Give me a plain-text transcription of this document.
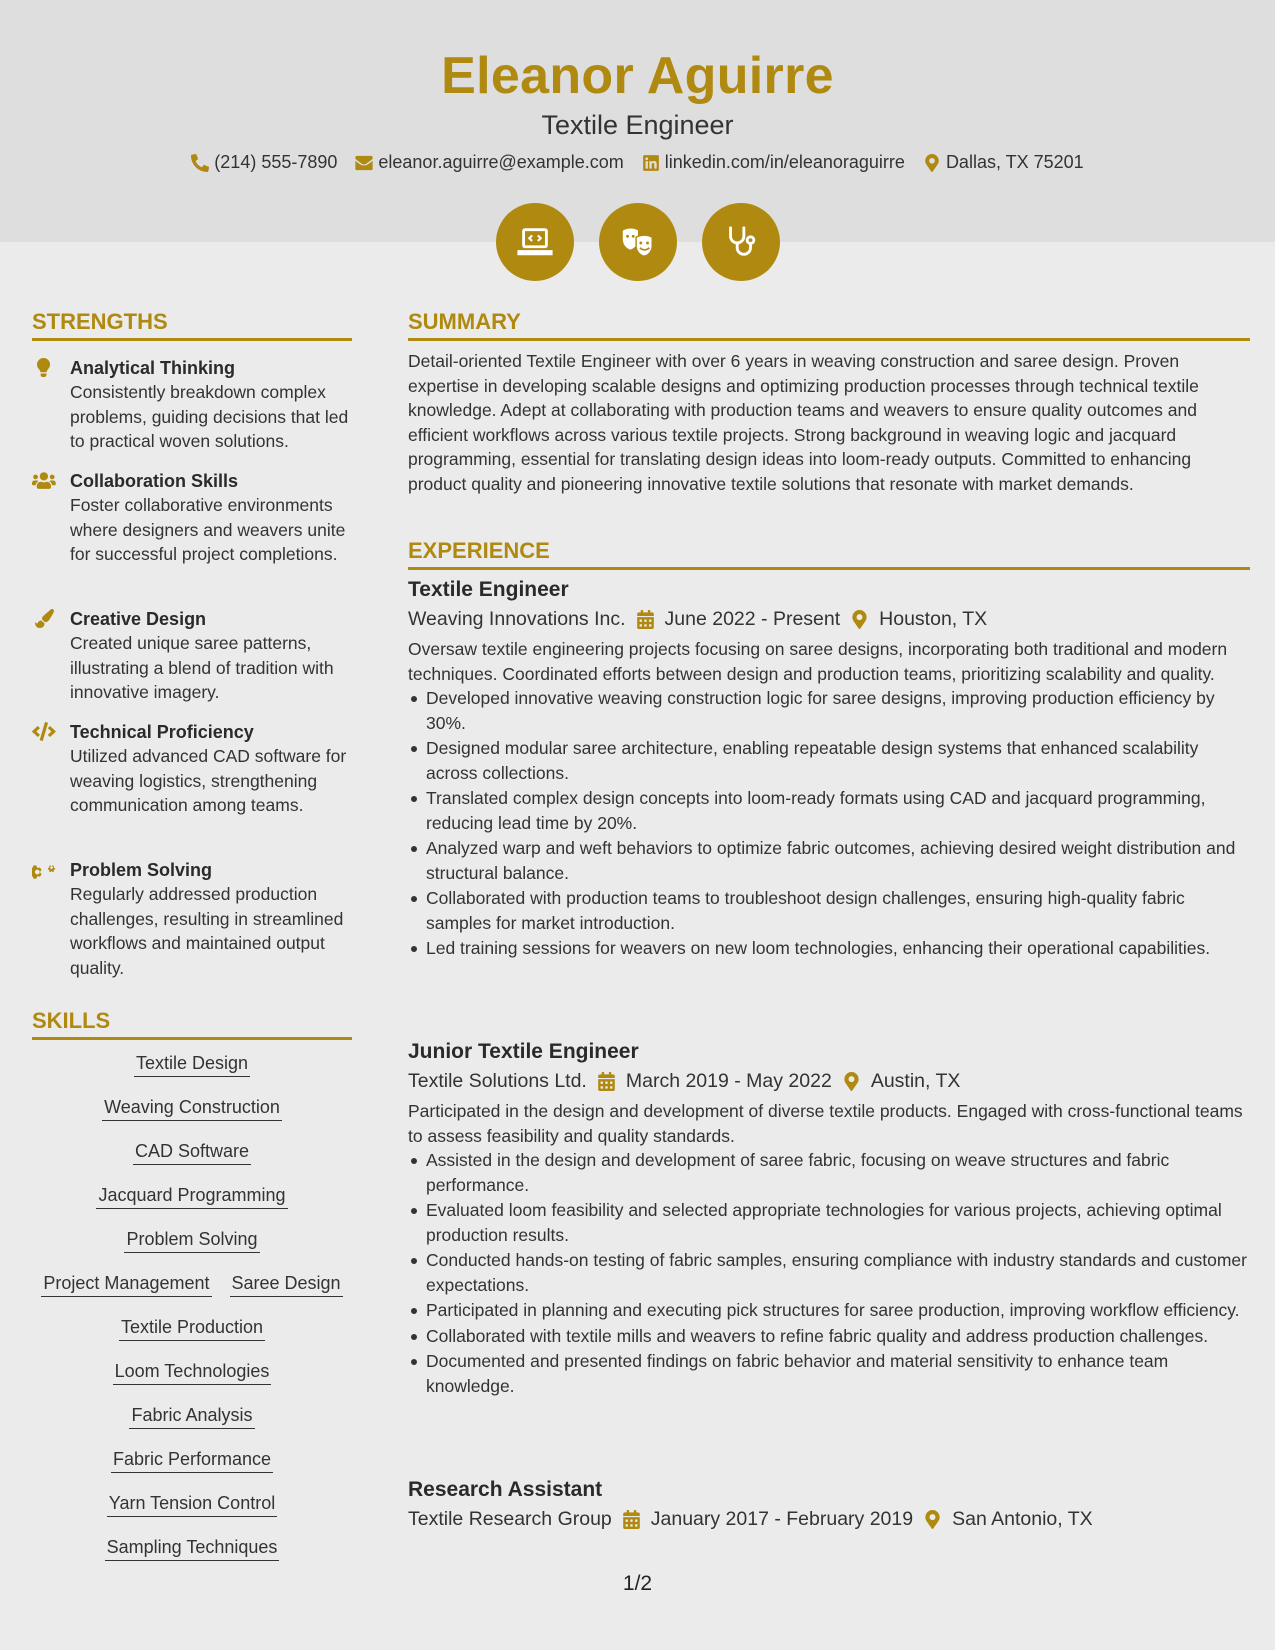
Eleanor Aguirre
Textile Engineer
(214) 555-7890 eleanor.aguirre@example.com linkedin.com/in/eleanoraguirre Dallas, TX 75201
STRENGTHS
Analytical Thinking
Consistently breakdown complex problems, guiding decisions that led to practical woven solutions.
Collaboration Skills
Foster collaborative environments where designers and weavers unite for successful project completions.
Creative Design
Created unique saree patterns, illustrating a blend of tradition with innovative imagery.
Technical Proficiency
Utilized advanced CAD software for weaving logistics, strengthening communication among teams.
Problem Solving
Regularly addressed production challenges, resulting in streamlined workflows and maintained output quality.
SKILLS
Textile Design
Weaving Construction
CAD Software
Jacquard Programming
Problem Solving
Project Management Saree Design
Textile Production
Loom Technologies
Fabric Analysis
Fabric Performance
Yarn Tension Control
Sampling Techniques
SUMMARY
Detail-oriented Textile Engineer with over 6 years in weaving construction and saree design. Proven expertise in developing scalable designs and optimizing production processes through technical textile knowledge. Adept at collaborating with production teams and weavers to ensure quality outcomes and efficient workflows across various textile projects. Strong background in weaving logic and jacquard programming, essential for translating design ideas into loom-ready outputs. Committed to enhancing product quality and pioneering innovative textile solutions that resonate with market demands.
EXPERIENCE
Textile Engineer
Weaving Innovations Inc. June 2022 - Present Houston, TX
Oversaw textile engineering projects focusing on saree designs, incorporating both traditional and modern techniques. Coordinated efforts between design and production teams, prioritizing scalability and quality.
Developed innovative weaving construction logic for saree designs, improving production efficiency by 30%.
Designed modular saree architecture, enabling repeatable design systems that enhanced scalability across collections.
Translated complex design concepts into loom-ready formats using CAD and jacquard programming, reducing lead time by 20%.
Analyzed warp and weft behaviors to optimize fabric outcomes, achieving desired weight distribution and structural balance.
Collaborated with production teams to troubleshoot design challenges, ensuring high-quality fabric samples for market introduction.
Led training sessions for weavers on new loom technologies, enhancing their operational capabilities.
Junior Textile Engineer
Textile Solutions Ltd. March 2019 - May 2022 Austin, TX
Participated in the design and development of diverse textile products. Engaged with cross-functional teams to assess feasibility and quality standards.
Assisted in the design and development of saree fabric, focusing on weave structures and fabric performance.
Evaluated loom feasibility and selected appropriate technologies for various projects, achieving optimal production results.
Conducted hands-on testing of fabric samples, ensuring compliance with industry standards and customer expectations.
Participated in planning and executing pick structures for saree production, improving workflow efficiency.
Collaborated with textile mills and weavers to refine fabric quality and address production challenges.
Documented and presented findings on fabric behavior and material sensitivity to enhance team knowledge.
Research Assistant
Textile Research Group January 2017 - February 2019 San Antonio, TX
1/2
